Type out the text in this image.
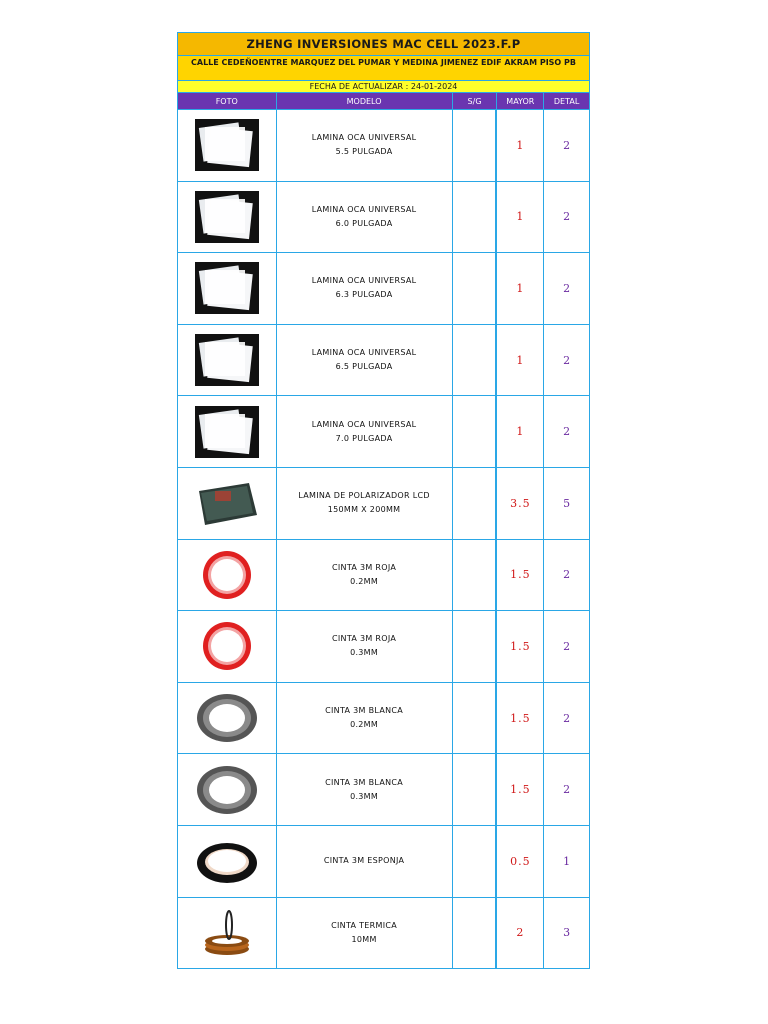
ZHENG INVERSIONES MAC CELL 2023.F.P
CALLE CEDEÑOENTRE MARQUEZ DEL PUMAR Y MEDINA JIMENEZ EDIF AKRAM PISO PB
FECHA DE ACTUALIZAR : 24-01-2024
FOTO	MODELO	S/G	MAYOR	DETAL
LAMINA OCA UNIVERSAL
5.5 PULGADA	1	2
LAMINA OCA UNIVERSAL
6.0 PULGADA	1	2
LAMINA OCA UNIVERSAL
6.3 PULGADA	1	2
LAMINA OCA UNIVERSAL
6.5 PULGADA	1	2
LAMINA OCA UNIVERSAL
7.0 PULGADA	1	2
LAMINA DE POLARIZADOR LCD
150MM X 200MM	3.5	5
CINTA 3M ROJA
0.2MM	1.5	2
CINTA 3M ROJA
0.3MM	1.5	2
CINTA 3M BLANCA
0.2MM	1.5	2
CINTA 3M BLANCA
0.3MM	1.5	2
CINTA 3M ESPONJA	0.5	1
CINTA TERMICA
10MM	2	3
